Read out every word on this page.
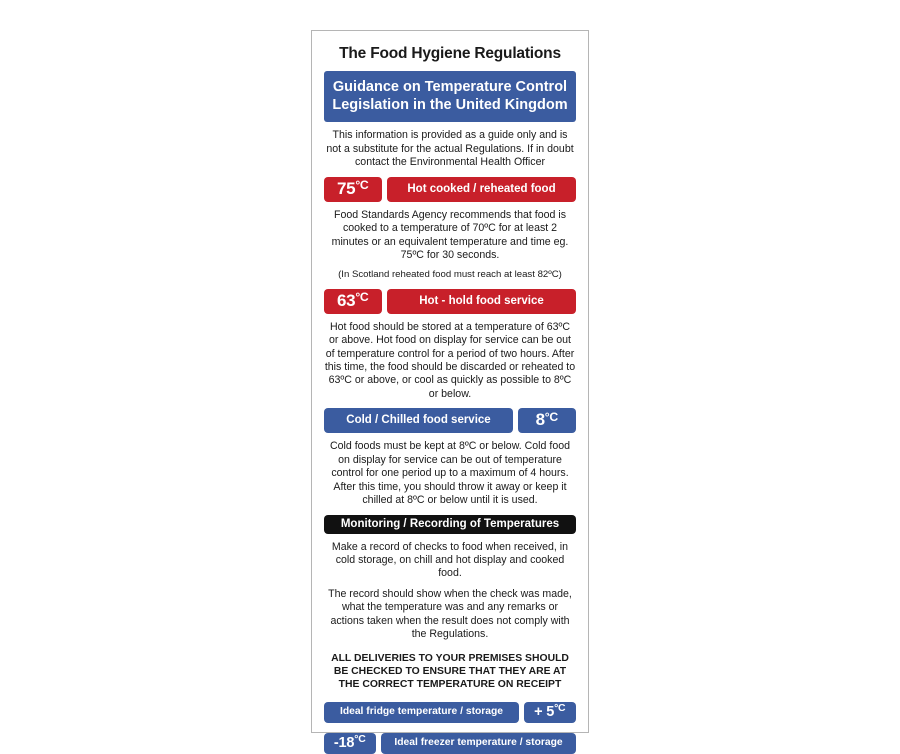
The Food Hygiene Regulations
Guidance on Temperature Control Legislation in the United Kingdom
This information is provided as a guide only and is not a substitute for the actual Regulations. If in doubt contact the Environmental Health Officer
75 °C	Hot cooked / reheated food
Food Standards Agency recommends that food is cooked to a temperature of 70ºC for at least 2 minutes or an equivalent temperature and time eg. 75ºC for 30 seconds.
(In Scotland reheated food must reach at least 82ºC)
63 °C	Hot - hold food service
Hot food should be stored at a temperature of 63ºC or above. Hot food on display for service can be out of temperature control for a period of two hours. After this time, the food should be discarded or reheated to 63ºC or above, or cool as quickly as possible to 8ºC or below.
Cold / Chilled food service	8 °C
Cold foods must be kept at 8ºC or below. Cold food on display for service can be out of temperature control for one period up to a maximum of 4 hours. After this time, you should throw it away or keep it chilled at 8ºC or below until it is used.
Monitoring / Recording of Temperatures
Make a record of checks to food when received, in cold storage, on chill and hot display and cooked food.
The record should show when the check was made, what the temperature was and any remarks or actions taken when the result does not comply with the Regulations.
ALL DELIVERIES TO YOUR PREMISES SHOULD BE CHECKED TO ENSURE THAT THEY ARE AT THE CORRECT TEMPERATURE ON RECEIPT
Ideal fridge temperature / storage	+ 5 °C
-18 °C	Ideal freezer temperature / storage
